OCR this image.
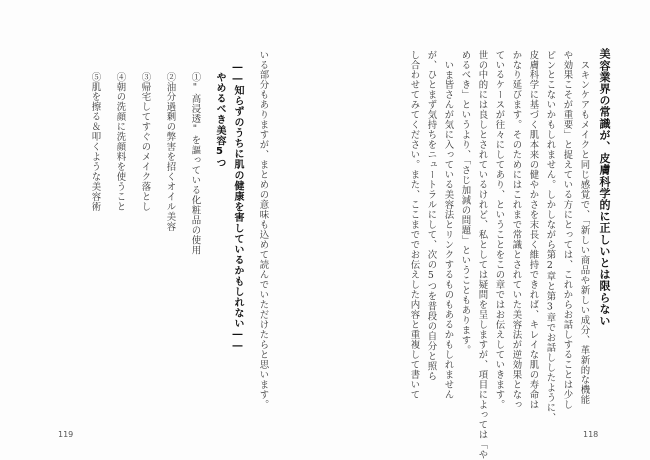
美容業界の常識が、皮膚科学的に正しいとは限らない
スキンケアもメイクと同じ感覚で、「新しい商品や新しい成分、革新的な機能
や効果こそが重要」と捉えている方にとっては、これからお話しすることは少し
ピンとこないかもしれません。しかしながら第2章と第3章でお話ししたように、
皮膚科学に基づく肌本来の健やかさを末長く維持できれば、キレイな肌の寿命は
かなり延びます。そのためにはこれまで常識とされていた美容法が逆効果となっ
ているケースが往々にしてあり、ということをこの章ではお伝えしていきます。
世の中的には良しとされているけれど、私としては疑問を呈しますが、項目によっては「や
めるべき」というより、「さじ加減の問題」ということもあります。
いま皆さんが気に入っている美容法とリンクするものもあるかもしれません
が、ひとまず気持ちをニュートラルにして、次の5つを普段の自分と照ら
し合わせてみてください。また、ここまででお伝えした内容と重複して書いて
118
いる部分もありますが、まとめの意味も込めて読んでいただけたらと思います。
――知らずのうちに肌の健康を害しているかもしれない――
やめるべき美容5つ
①"高浸透"を謳っている化粧品の使用
②油分過剰の弊害を招くオイル美容
③帰宅してすぐのメイク落とし
④朝の洗顔に洗顔料を使うこと
⑤肌を擦る＆叩くような美容術
119
